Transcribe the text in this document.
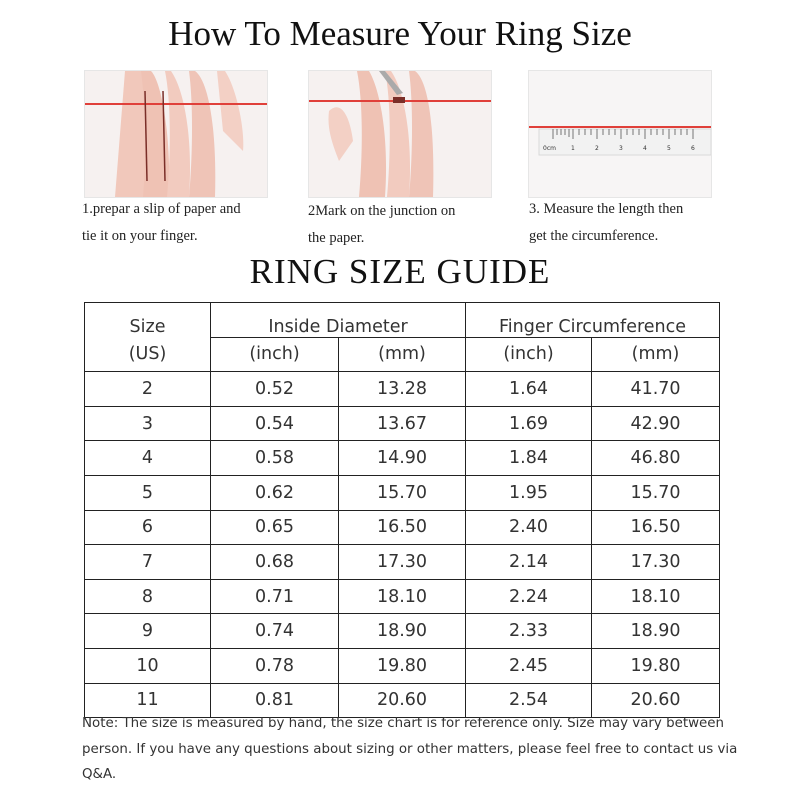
How To Measure Your Ring Size
0cm	1	2	3	4	5	6
1.prepar a slip of paper and
tie it on your finger.
2Mark on the junction on
the paper.
3. Measure the length then
get the circumference.
RING SIZE GUIDE
Size	Inside Diameter		Finger Circumference	
(US)	(inch)	(mm)	(inch)	(mm)
2	0.52	13.28	1.64	41.70
3	0.54	13.67	1.69	42.90
4	0.58	14.90	1.84	46.80
5	0.62	15.70	1.95	15.70
6	0.65	16.50	2.40	16.50
7	0.68	17.30	2.14	17.30
8	0.71	18.10	2.24	18.10
9	0.74	18.90	2.33	18.90
10	0.78	19.80	2.45	19.80
11	0.81	20.60	2.54	20.60
Note: The size is measured by hand, the size chart is for reference only. Size may vary between
person. If you have any questions about sizing or other matters, please feel free to contact us via
Q&A.
